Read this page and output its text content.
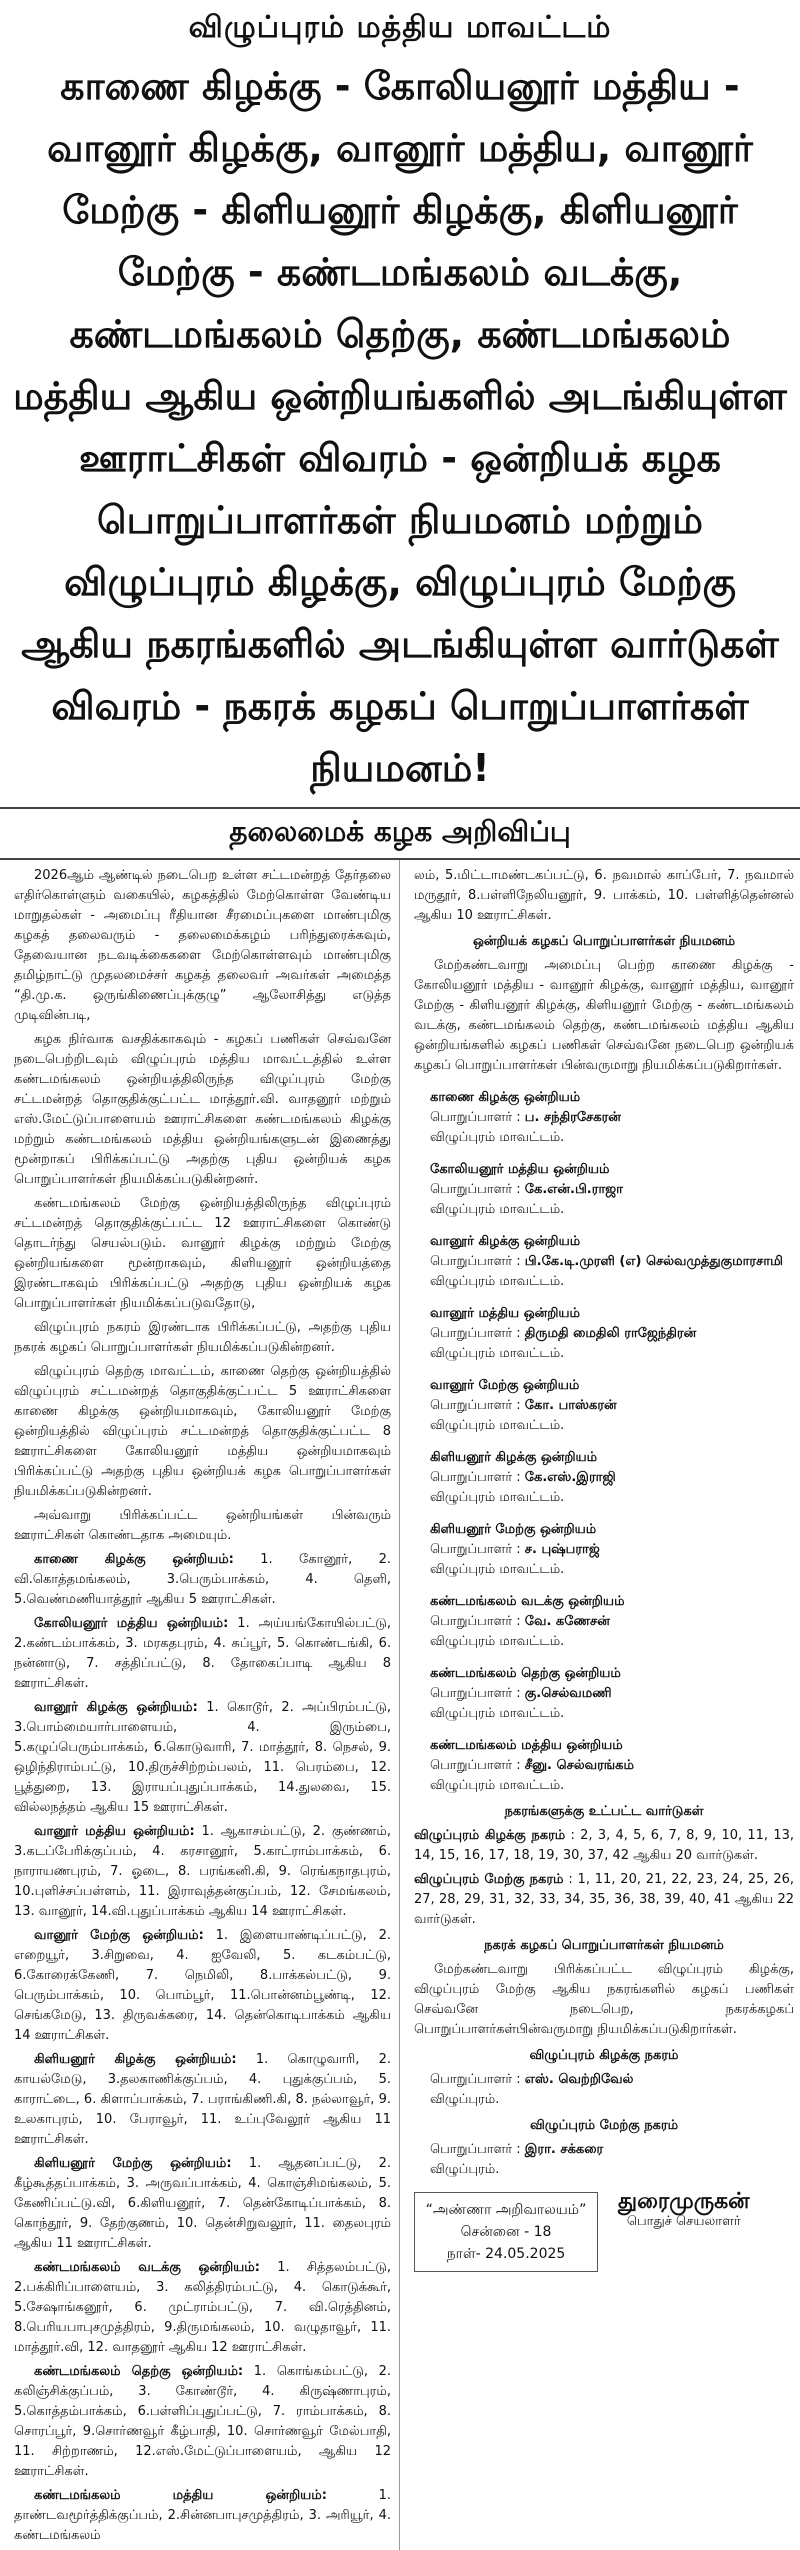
விழுப்புரம் மத்திய மாவட்டம்
காணை கிழக்கு - கோலியனூர் மத்திய - வானூர் கிழக்கு, வானூர் மத்திய, வானூர் மேற்கு - கிளியனூர் கிழக்கு, கிளியனூர் மேற்கு - கண்டமங்கலம் வடக்கு, கண்டமங்கலம் தெற்கு, கண்டமங்கலம் மத்திய ஆகிய ஒன்றியங்களில் அடங்கியுள்ள ஊராட்சிகள் விவரம் - ஒன்றியக் கழக பொறுப்பாளர்கள் நியமனம் மற்றும் விழுப்புரம் கிழக்கு, விழுப்புரம் மேற்கு ஆகிய நகரங்களில் அடங்கியுள்ள வார்டுகள் விவரம் - நகரக் கழகப் பொறுப்பாளர்கள் நியமனம்!
தலைமைக் கழக அறிவிப்பு

2026ஆம் ஆண்டில் நடைபெற உள்ள சட்டமன்றத் தேர்தலை எதிர்கொள்ளும் வகையில், கழகத்தில் மேற்கொள்ள வேண்டிய மாறுதல்கள் - அமைப்பு ரீதியான சீரமைப்புகளை மாண்புமிகு கழகத் தலைவரும் - தலைமைக்கழம் பரிந்துரைக்கவும், தேவையான நடவடிக்கைகளை மேற்கொள்ளவும் மாண்புமிகு தமிழ்நாட்டு முதலமைச்சர் கழகத் தலைவர் அவர்கள் அமைத்த “தி.மு.க. ஒருங்கிணைப்புக்குழு” ஆலோசித்து எடுத்த முடிவின்படி,

கழக நிர்வாக வசதிக்காகவும் - கழகப் பணிகள் செவ்வனே நடைபெற்றிடவும் விழுப்புரம் மத்திய மாவட்டத்தில் உள்ள கண்டமங்கலம் ஒன்றியத்திலிருந்த விழுப்புரம் மேற்கு சட்டமன்றத் தொகுதிக்குட்பட்ட மாத்தூர்.வி. வாதனூர் மற்றும் எஸ்.மேட்டுப்பாளையம் ஊராட்சிகளை கண்டமங்கலம் கிழக்கு மற்றும் கண்டமங்கலம் மத்திய ஒன்றியங்களுடன் இணைத்து மூன்றாகப் பிரிக்கப்பட்டு அதற்கு புதிய ஒன்றியக் கழக பொறுப்பாளர்கள் நியமிக்கப்படுகின்றனர்.

கண்டமங்கலம் மேற்கு ஒன்றியத்திலிருந்த விழுப்புரம் சட்டமன்றத் தொகுதிக்குட்பட்ட 12 ஊராட்சிகளை கொண்டு தொடர்ந்து செயல்படும். வானூர் கிழக்கு மற்றும் மேற்கு ஒன்றியங்களை மூன்றாகவும், கிளியனூர் ஒன்றியத்தை இரண்டாகவும் பிரிக்கப்பட்டு அதற்கு புதிய ஒன்றியக் கழக பொறுப்பாளர்கள் நியமிக்கப்படுவதோடு,

விழுப்புரம் நகரம் இரண்டாக பிரிக்கப்பட்டு, அதற்கு புதிய நகரக் கழகப் பொறுப்பாளர்கள் நியமிக்கப்படுகின்றனர்.

விழுப்புரம் தெற்கு மாவட்டம், காணை தெற்கு ஒன்றியத்தில் விழுப்புரம் சட்டமன்றத் தொகுதிக்குட்பட்ட 5 ஊராட்சிகளை காணை கிழக்கு ஒன்றியமாகவும், கோலியனூர் மேற்கு ஒன்றியத்தில் விழுப்புரம் சட்டமன்றத் தொகுதிக்குட்பட்ட 8 ஊராட்சிகளை கோலியனூர் மத்திய ஒன்றியமாகவும் பிரிக்கப்பட்டு அதற்கு புதிய ஒன்றியக் கழக பொறுப்பாளர்கள் நியமிக்கப்படுகின்றனர்.

அவ்வாறு பிரிக்கப்பட்ட ஒன்றியங்கள் பின்வரும் ஊராட்சிகள் கொண்டதாக அமையும்.

காணை கிழக்கு ஒன்றியம்: 1. கோனூர், 2. வி.கொத்தமங்கலம், 3.பெரும்பாக்கம், 4. தெளி, 5.வெண்மணியாத்தூர் ஆகிய 5 ஊராட்சிகள்.

கோலியனூர் மத்திய ஒன்றியம்: 1. அய்யங்கோயில்பட்டு, 2.கண்டம்பாக்கம், 3. மரகதபுரம், 4. சுப்பூர், 5. கொண்டங்கி, 6. நன்னாடு, 7. சத்திப்பட்டு, 8. தோகைப்பாடி ஆகிய 8 ஊராட்சிகள்.

வானூர் கிழக்கு ஒன்றியம்: 1. கொடூர், 2. அப்பிரம்பட்டு, 3.பொம்மையார்பாளையம், 4. இரும்பை, 5.கழுப்பெரும்பாக்கம், 6.கொடுவாரி, 7. மாத்தூர், 8. நெசல், 9. ஒழிந்திராம்பட்டு, 10.திருச்சிற்றம்பலம், 11. பெரம்பை, 12. பூத்துறை, 13. இராயப்புதுப்பாக்கம், 14.துலவை, 15. வில்லநத்தம் ஆகிய 15 ஊராட்சிகள்.

வானூர் மத்திய ஒன்றியம்: 1. ஆகாசம்பட்டு, 2. குண்ணம், 3.கடப்பேரிக்குப்பம், 4. கரசானூர், 5.காட்ராம்பாக்கம், 6. நாராயணபுரம், 7. ஓடை, 8. பரங்கனி.கி, 9. ரெங்கநாதபுரம், 10.புளிச்சப்பள்ளம், 11. இராவுத்தன்குப்பம், 12. சேமங்கலம், 13. வானூர், 14.வி.புதுப்பாக்கம் ஆகிய 14 ஊராட்சிகள்.

வானூர் மேற்கு ஒன்றியம்: 1. இளையாண்டிப்பட்டு, 2. எறையூர், 3.சிறுவை, 4. ஐவேலி, 5. கடகம்பட்டு, 6.கோரைக்கேணி, 7. நெமிலி, 8.பாக்கல்பட்டு, 9. பெரும்பாக்கம், 10. பொம்பூர், 11.பொன்னம்பூண்டி, 12. செங்கமேடு, 13. திருவக்கரை, 14. தென்கொடிபாக்கம் ஆகிய 14 ஊராட்சிகள்.

கிளியனூர் கிழக்கு ஒன்றியம்: 1. கொழுவாரி, 2. காயல்மேடு, 3.தலகாணிக்குப்பம், 4. புதுக்குப்பம், 5. காராட்டை, 6. கிளாப்பாக்கம், 7. பராங்கிணி.கி, 8. நல்லாவூர், 9. உலகாபுரம், 10. பேராவூர், 11. உப்புவேலூர் ஆகிய 11 ஊராட்சிகள்.

கிளியனூர் மேற்கு ஒன்றியம்: 1. ஆதனப்பட்டு, 2. கீழ்கூத்தப்பாக்கம், 3. அருவப்பாக்கம், 4. கொஞ்சிமங்கலம், 5. கேணிப்பட்டு.வி, 6.கிளியனூர், 7. தென்கோடிப்பாக்கம், 8. கொந்தூர், 9. தேற்குணம், 10. தென்சிறுவலூர், 11. தைலபுரம் ஆகிய 11 ஊராட்சிகள்.

கண்டமங்கலம் வடக்கு ஒன்றியம்: 1. சித்தலம்பட்டு, 2.பக்கிரிப்பாளையம், 3. கலித்திரம்பட்டு, 4. கொடுக்கூர், 5.சேஷாங்கனூர், 6. முட்ராம்பட்டு, 7. வி.ரெத்தினம், 8.பெரியபாபுசமுத்திரம், 9.திருமங்கலம், 10. வழுதாவூர், 11. மாத்தூர்.வி, 12. வாதனூர் ஆகிய 12 ஊராட்சிகள்.

கண்டமங்கலம் தெற்கு ஒன்றியம்: 1. கொங்கம்பட்டு, 2. கலிஞ்சிக்குப்பம், 3. கோண்டூர், 4. கிருஷ்ணாபுரம், 5.கொத்தம்பாக்கம், 6.பள்ளிப்புதுப்பட்டு, 7. ராம்பாக்கம், 8. சொரப்பூர், 9.சொர்ணவூர் கீழ்பாதி, 10. சொர்ணவூர் மேல்பாதி, 11. சிற்றாணம், 12.எஸ்.மேட்டுப்பாளையம், ஆகிய 12 ஊராட்சிகள்.

கண்டமங்கலம் மத்திய ஒன்றியம்:	1. தாண்டவமூர்த்திக்குப்பம், 2.சின்னபாபுசமுத்திரம், 3. அரியூர், 4. கண்டமங்கலம்

லம், 5.மிட்டாமண்டகப்பட்டு, 6. நவமால் காப்பேர், 7. நவமால் மருதூர், 8.பள்ளிநேலியனூர், 9. பாக்கம், 10. பள்ளித்தென்னல் ஆகிய 10 ஊராட்சிகள்.

ஒன்றியக் கழகப் பொறுப்பாளர்கள் நியமனம்

மேற்கண்டவாறு அமைப்பு பெற்ற காணை கிழக்கு - கோலியனூர் மத்திய - வானூர் கிழக்கு, வானூர் மத்திய, வானூர் மேற்கு - கிளியனூர் கிழக்கு, கிளியனூர் மேற்கு - கண்டமங்கலம் வடக்கு, கண்டமங்கலம் தெற்கு, கண்டமங்கலம் மத்திய ஆகிய ஒன்றியங்களில் கழகப் பணிகள் செவ்வனே நடைபெற ஒன்றியக் கழகப் பொறுப்பாளர்கள் பின்வருமாறு நியமிக்கப்படுகிறார்கள்.

காணை கிழக்கு ஒன்றியம்
பொறுப்பாளர் : ப. சந்திரசேகரன்
விழுப்புரம் மாவட்டம்.
கோலியனூர் மத்திய ஒன்றியம்
பொறுப்பாளர் : கே.என்.பி.ராஜா
விழுப்புரம் மாவட்டம்.
வானூர் கிழக்கு ஒன்றியம்
பொறுப்பாளர் : பி.கே.டி.முரளி (எ) செல்வமுத்துகுமாரசாமி
விழுப்புரம் மாவட்டம்.
வானூர் மத்திய ஒன்றியம்
பொறுப்பாளர் : திருமதி மைதிலி ராஜேந்திரன்
விழுப்புரம் மாவட்டம்.
வானூர் மேற்கு ஒன்றியம்
பொறுப்பாளர் : கோ. பாஸ்கரன்
விழுப்புரம் மாவட்டம்.
கிளியனூர் கிழக்கு ஒன்றியம்
பொறுப்பாளர் : கே.எஸ்.இராஜி
விழுப்புரம் மாவட்டம்.
கிளியனூர் மேற்கு ஒன்றியம்
பொறுப்பாளர் : ச. புஷ்பராஜ்
விழுப்புரம் மாவட்டம்.
கண்டமங்கலம் வடக்கு ஒன்றியம்
பொறுப்பாளர் : வே. கணேசன்
விழுப்புரம் மாவட்டம்.
கண்டமங்கலம் தெற்கு ஒன்றியம்
பொறுப்பாளர் : கு.செல்வமணி
விழுப்புரம் மாவட்டம்.
கண்டமங்கலம் மத்திய ஒன்றியம்
பொறுப்பாளர் : சீனு. செல்வரங்கம்
விழுப்புரம் மாவட்டம்.
நகரங்களுக்கு உட்பட்ட வார்டுகள்

விழுப்புரம் கிழக்கு நகரம் : 2, 3, 4, 5, 6, 7, 8, 9, 10, 11, 13, 14, 15, 16, 17, 18, 19, 30, 37, 42 ஆகிய 20 வார்டுகள்.

விழுப்புரம் மேற்கு நகரம் : 1, 11, 20, 21, 22, 23, 24, 25, 26, 27, 28, 29, 31, 32, 33, 34, 35, 36, 38, 39, 40, 41 ஆகிய 22 வார்டுகள்.

நகரக் கழகப் பொறுப்பாளர்கள் நியமனம்

மேற்கண்டவாறு பிரிக்கப்பட்ட விழுப்புரம் கிழக்கு, விழுப்புரம் மேற்கு ஆகிய நகரங்களில் கழகப் பணிகள் செவ்வனே நடைபெற, நகரக்கழகப் பொறுப்பாளர்கள்பின்வருமாறு நியமிக்கப்படுகிறார்கள்.

விழுப்புரம் கிழக்கு நகரம்
பொறுப்பாளர் : எஸ். வெற்றிவேல்
விழுப்புரம்.
விழுப்புரம் மேற்கு நகரம்
பொறுப்பாளர் : இரா. சக்கரை
விழுப்புரம்.
“அண்ணா அறிவாலயம்”
சென்னை - 18
நாள்- 24.05.2025
துரைமுருகன்
பொதுச் செயலாளர்
